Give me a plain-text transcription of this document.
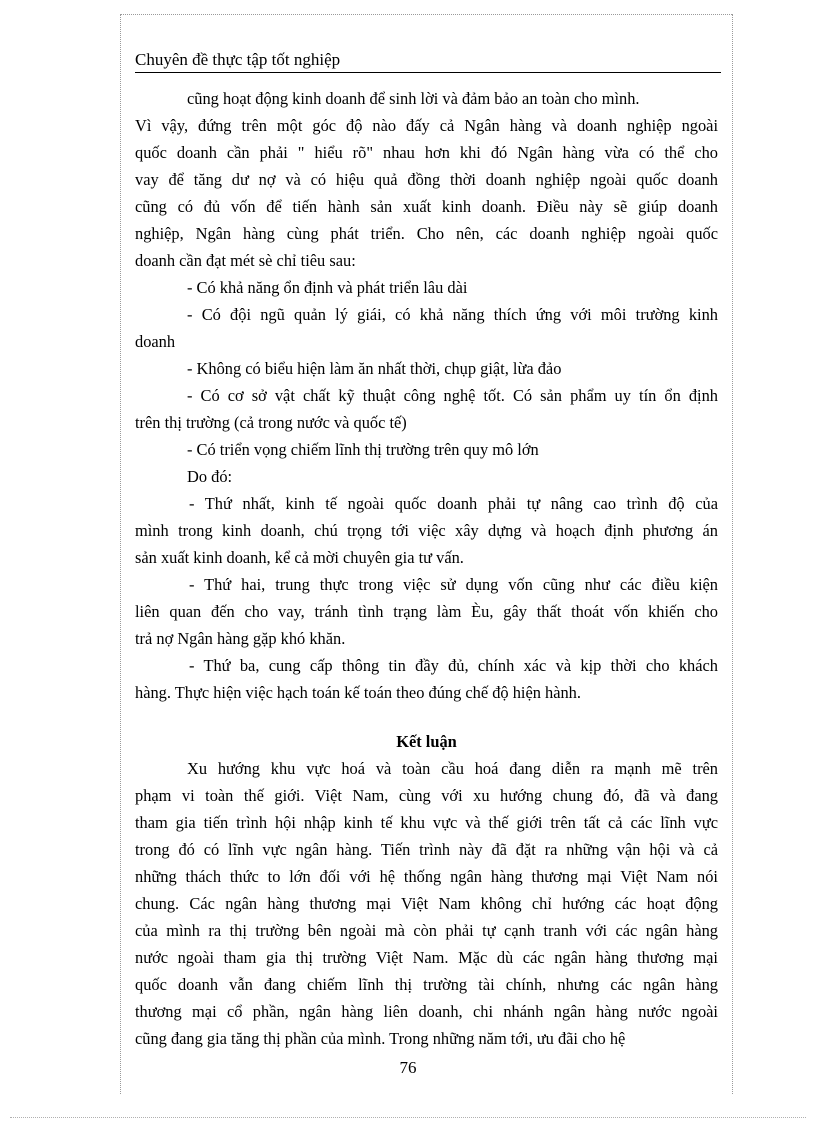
Chuyên đề thực tập tốt nghiệp
cũng hoạt động kinh doanh để sinh lời và đảm bảo an toàn cho mình.
Vì vậy, đứng trên một góc độ nào đấy cả Ngân hàng và doanh nghiệp ngoài
quốc doanh cần phải " hiểu rõ" nhau hơn khi đó Ngân hàng vừa có thể cho
vay để tăng dư nợ và có hiệu quả đồng thời doanh nghiệp ngoài quốc doanh
cũng có đủ vốn để tiến hành sản xuất kinh doanh. Điều này sẽ giúp doanh
nghiệp, Ngân hàng cùng phát triển. Cho nên, các doanh nghiệp ngoài quốc
doanh cần đạt mét sè chỉ tiêu sau:
- Có khả năng ổn định và phát triển lâu dài
- Có đội ngũ quản lý giái, có khả năng thích ứng với môi trường kinh
doanh
- Không có biểu hiện làm ăn nhất thời, chụp giật, lừa đảo
- Có cơ sở vật chất kỹ thuật công nghệ tốt. Có sản phẩm uy tín ổn định
trên thị trường (cả trong nước và quốc tế)
- Có triển vọng chiếm lĩnh thị trường trên quy mô lớn
Do đó:
- Thứ nhất, kinh tế ngoài quốc doanh phải tự nâng cao trình độ của
mình trong kinh doanh, chú trọng tới việc xây dựng và hoạch định phương án
sản xuất kinh doanh, kể cả mời chuyên gia tư vấn.
- Thứ hai, trung thực trong việc sử dụng vốn cũng như các điều kiện
liên quan đến cho vay, tránh tình trạng làm Èu, gây thất thoát vốn khiến cho
trả nợ Ngân hàng gặp khó khăn.
- Thứ ba, cung cấp thông tin đầy đủ, chính xác và kịp thời cho khách
hàng. Thực hiện việc hạch toán kế toán theo đúng chế độ hiện hành.
Kết luận
Xu hướng khu vực hoá và toàn cầu hoá đang diễn ra mạnh mẽ trên
phạm vi toàn thế giới. Việt Nam, cùng với xu hướng chung đó, đã và đang
tham gia tiến trình hội nhập kinh tế khu vực và thế giới trên tất cả các lĩnh vực
trong đó có lĩnh vực ngân hàng. Tiến trình này đã đặt ra những vận hội và cả
những thách thức to lớn đối với hệ thống ngân hàng thương mại Việt Nam nói
chung. Các ngân hàng thương mại Việt Nam không chỉ hướng các hoạt động
của mình ra thị trường bên ngoài mà còn phải tự cạnh tranh với các ngân hàng
nước ngoài tham gia thị trường Việt Nam. Mặc dù các ngân hàng thương mại
quốc doanh vẫn đang chiếm lĩnh thị trường tài chính, nhưng các ngân hàng
thương mại cổ phần, ngân hàng liên doanh, chi nhánh ngân hàng nước ngoài
cũng đang gia tăng thị phần của mình. Trong những năm tới, ưu đãi cho hệ
76
